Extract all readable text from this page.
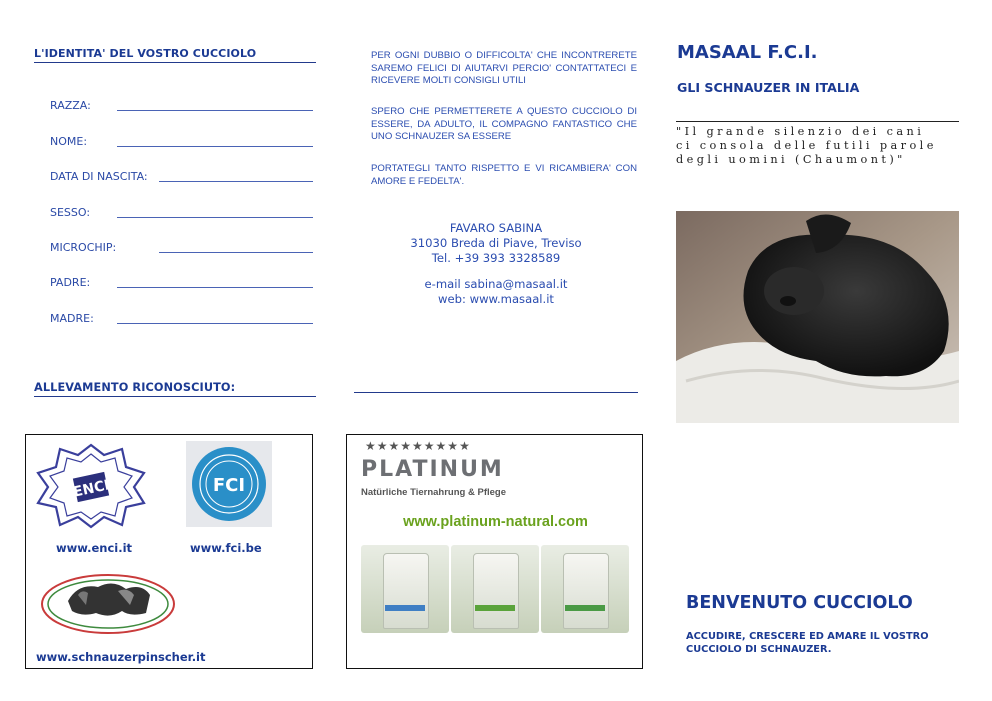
L'IDENTITA' DEL VOSTRO CUCCIOLO
RAZZA:
NOME:
DATA DI NASCITA:
SESSO:
MICROCHIP:
PADRE:
MADRE:
ALLEVAMENTO RICONOSCIUTO:
ENCI	FCI
www.enci.it	www.fci.be
www.schnauzerpinscher.it
PER OGNI DUBBIO O DIFFICOLTA' CHE INCONTRERETE SAREMO FELICI DI AIUTARVI PERCIO' CONTATTATECI E RICEVERE MOLTI CONSIGLI UTILI
SPERO CHE PERMETTERETE A QUESTO CUCCIOLO DI ESSERE, DA ADULTO, IL COMPAGNO FANTASTICO CHE UNO SCHNAUZER SA ESSERE
PORTATEGLI TANTO RISPETTO E VI RICAMBIERA' CON AMORE E FEDELTA'.
FAVARO SABINA
31030 Breda di Piave, Treviso
Tel. +39 393 3328589
e-mail sabina@masaal.it
web: www.masaal.it
★★★★★★★★★
PLATINUM
Natürliche Tiernahrung & Pflege
www.platinum-natural.com
MASAAL F.C.I.
GLI SCHNAUZER IN ITALIA
"Il grande silenzio dei cani
ci consola delle futili parole
degli uomini (Chaumont)"
BENVENUTO CUCCIOLO
ACCUDIRE, CRESCERE ED AMARE IL VOSTRO CUCCIOLO DI SCHNAUZER.
